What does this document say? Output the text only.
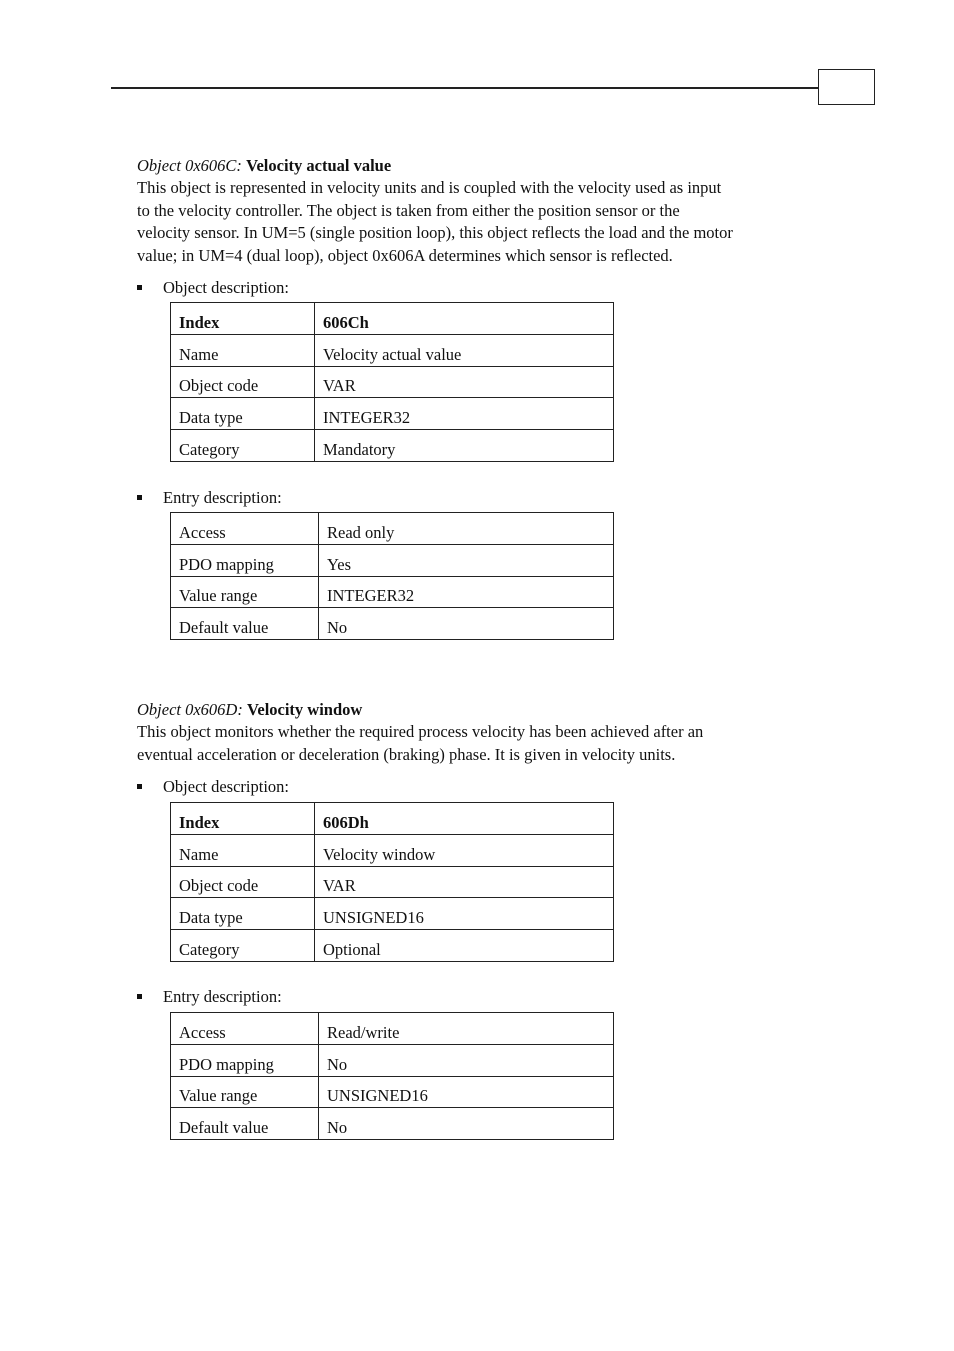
Object 0x606C: Velocity actual value

This object is represented in velocity units and is coupled with the velocity used as input
to the velocity controller. The object is taken from either the position sensor or the
velocity sensor. In UM=5 (single position loop), this object reflects the load and the motor
value; in UM=4 (dual loop), object 0x606A determines which sensor is reflected.

Object description:
Index	606Ch
Name	Velocity actual value
Object code	VAR
Data type	INTEGER32
Category	Mandatory
Entry description:
Access	Read only
PDO mapping	Yes
Value range	INTEGER32
Default value	No

Object 0x606D: Velocity window

This object monitors whether the required process velocity has been achieved after an
eventual acceleration or deceleration (braking) phase. It is given in velocity units.

Object description:
Index	606Dh
Name	Velocity window
Object code	VAR
Data type	UNSIGNED16
Category	Optional
Entry description:
Access	Read/write
PDO mapping	No
Value range	UNSIGNED16
Default value	No
